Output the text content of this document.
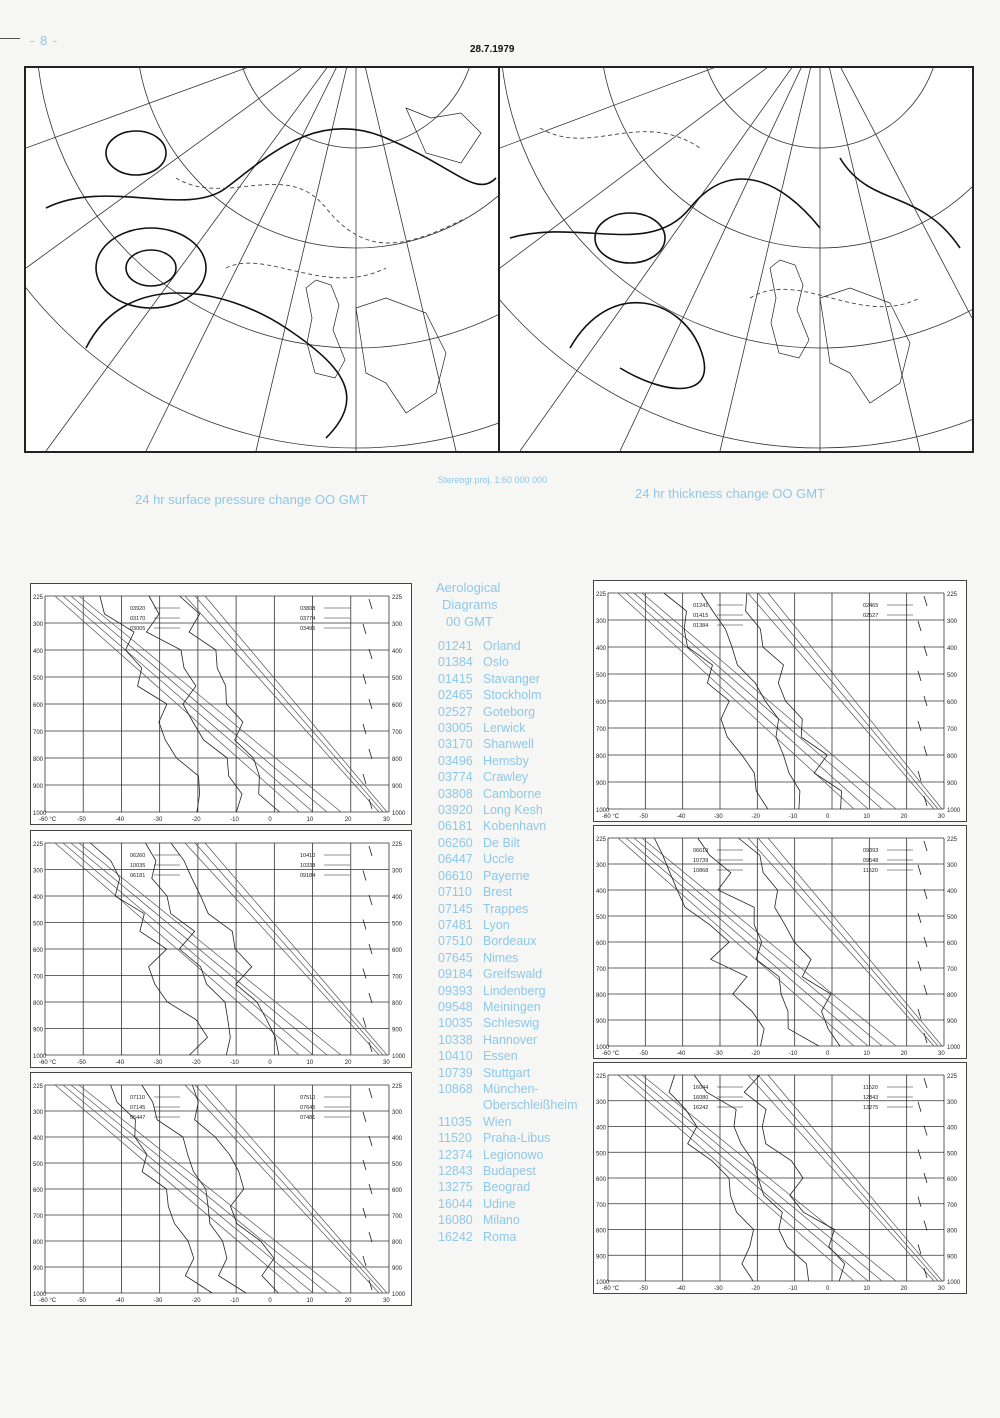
- 8 -
28.7.1979
Stereogr.proj. 1:60 000 000
24 hr surface pressure change OO GMT	24 hr thickness change OO GMT
225	225
300	300
400	400
500	500
600	600
700	700
800	800
900	900
1000	1000
-60 °C	-50	-40	-30	-20	-10	0	10	20	30
03920
03170
03005
03808
03774
03496
225	225
300	300
400	400
500	500
600	600
700	700
800	800
900	900
1000	1000
-60 °C	-50	-40	-30	-20	-10	0	10	20	30
06260
10035
06181
10410
10338
09184
225	225
300	300
400	400
500	500
600	600
700	700
800	800
900	900
1000	1000
-60 °C	-50	-40	-30	-20	-10	0	10	20	30
07110
07145
06447
07510
07645
07481
225	225
300	300
400	400
500	500
600	600
700	700
800	800
900	900
1000	1000
-60 °C	-50	-40	-30	-20	-10	0	10	20	30
01241
01415
01384
02465
02527
225	225
300	300
400	400
500	500
600	600
700	700
800	800
900	900
1000	1000
-60 °C	-50	-40	-30	-20	-10	0	10	20	30
06610
10739
10868
09393
09548
11520
225	225
300	300
400	400
500	500
600	600
700	700
800	800
900	900
1000	1000
-60 °C	-50	-40	-30	-20	-10	0	10	20	30
16044
16080
16242
11520
12843
13275
Aerological
Diagrams
00 GMT
01241 Orland
01384 Oslo
01415 Stavanger
02465 Stockholm
02527 Goteborg
03005 Lerwick
03170 Shanwell
03496 Hemsby
03774 Crawley
03808 Camborne
03920 Long Kesh
06181 Kobenhavn
06260 De Bilt
06447 Uccle
06610 Payerne
07110 Brest
07145 Trappes
07481 Lyon
07510 Bordeaux
07645 Nimes
09184 Greifswald
09393 Lindenberg
09548 Meiningen
10035 Schleswig
10338 Hannover
10410 Essen
10739 Stuttgart
10868 München-
Oberschleißheim
11035 Wien
11520 Praha-Libus
12374 Legionowo
12843 Budapest
13275 Beograd
16044 Udine
16080 Milano
16242 Roma
